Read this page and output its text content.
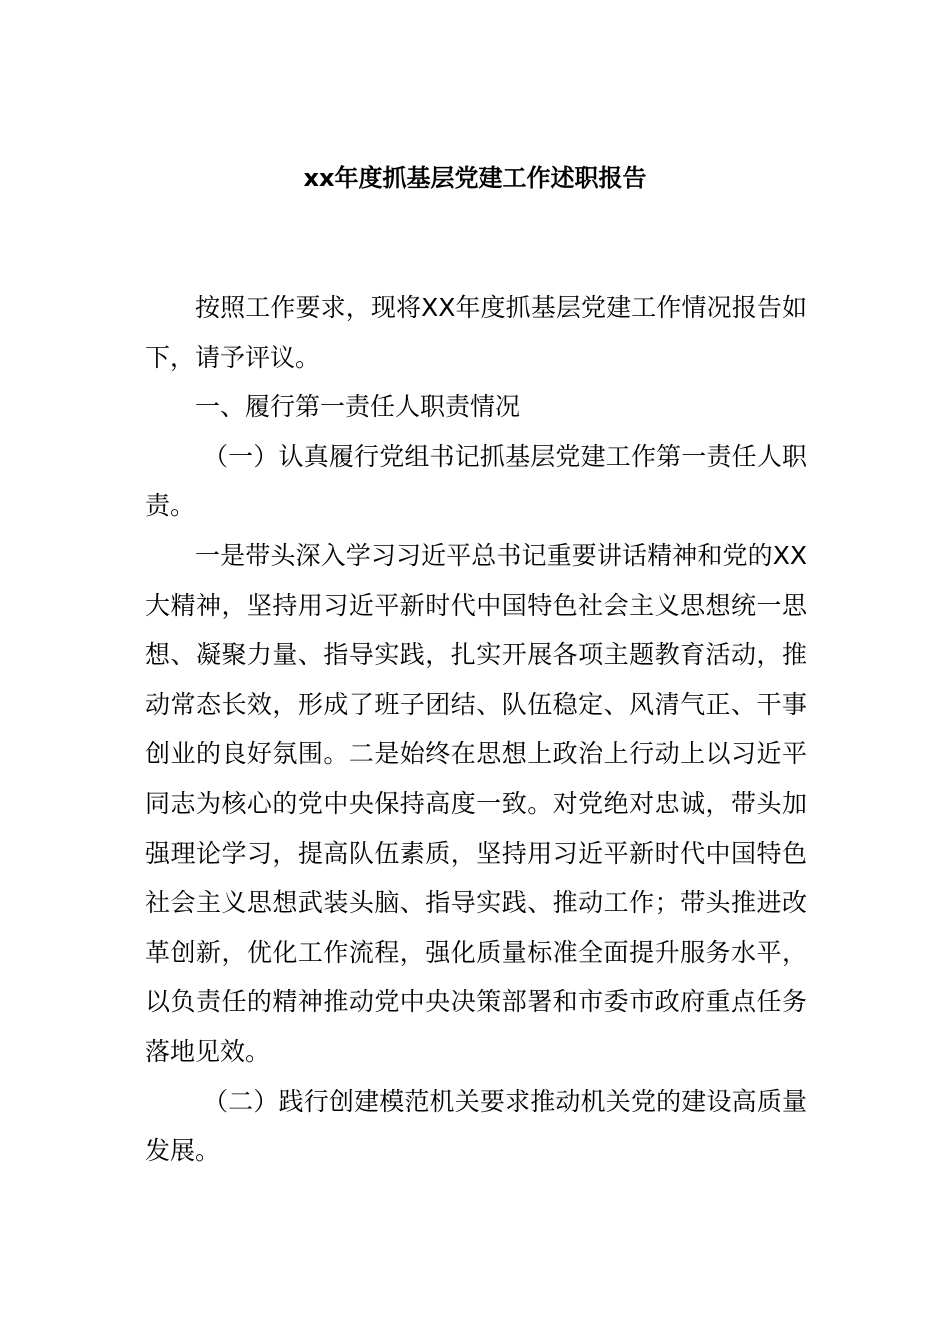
xx年度抓基层党建工作述职报告

按照工作要求，现将XX年度抓基层党建工作情况报告如下，请予评议。

一、履行第一责任人职责情况

（一）认真履行党组书记抓基层党建工作第一责任人职责。

一是带头深入学习习近平总书记重要讲话精神和党的XX大精神，坚持用习近平新时代中国特色社会主义思想统一思想、凝聚力量、指导实践，扎实开展各项主题教育活动，推动常态长效，形成了班子团结、队伍稳定、风清气正、干事创业的良好氛围。二是始终在思想上政治上行动上以习近平同志为核心的党中央保持高度一致。对党绝对忠诚，带头加强理论学习，提高队伍素质，坚持用习近平新时代中国特色社会主义思想武装头脑、指导实践、推动工作；带头推进改革创新，优化工作流程，强化质量标准全面提升服务水平，以负责任的精神推动党中央决策部署和市委市政府重点任务落地见效。

（二）践行创建模范机关要求推动机关党的建设高质量发展。
